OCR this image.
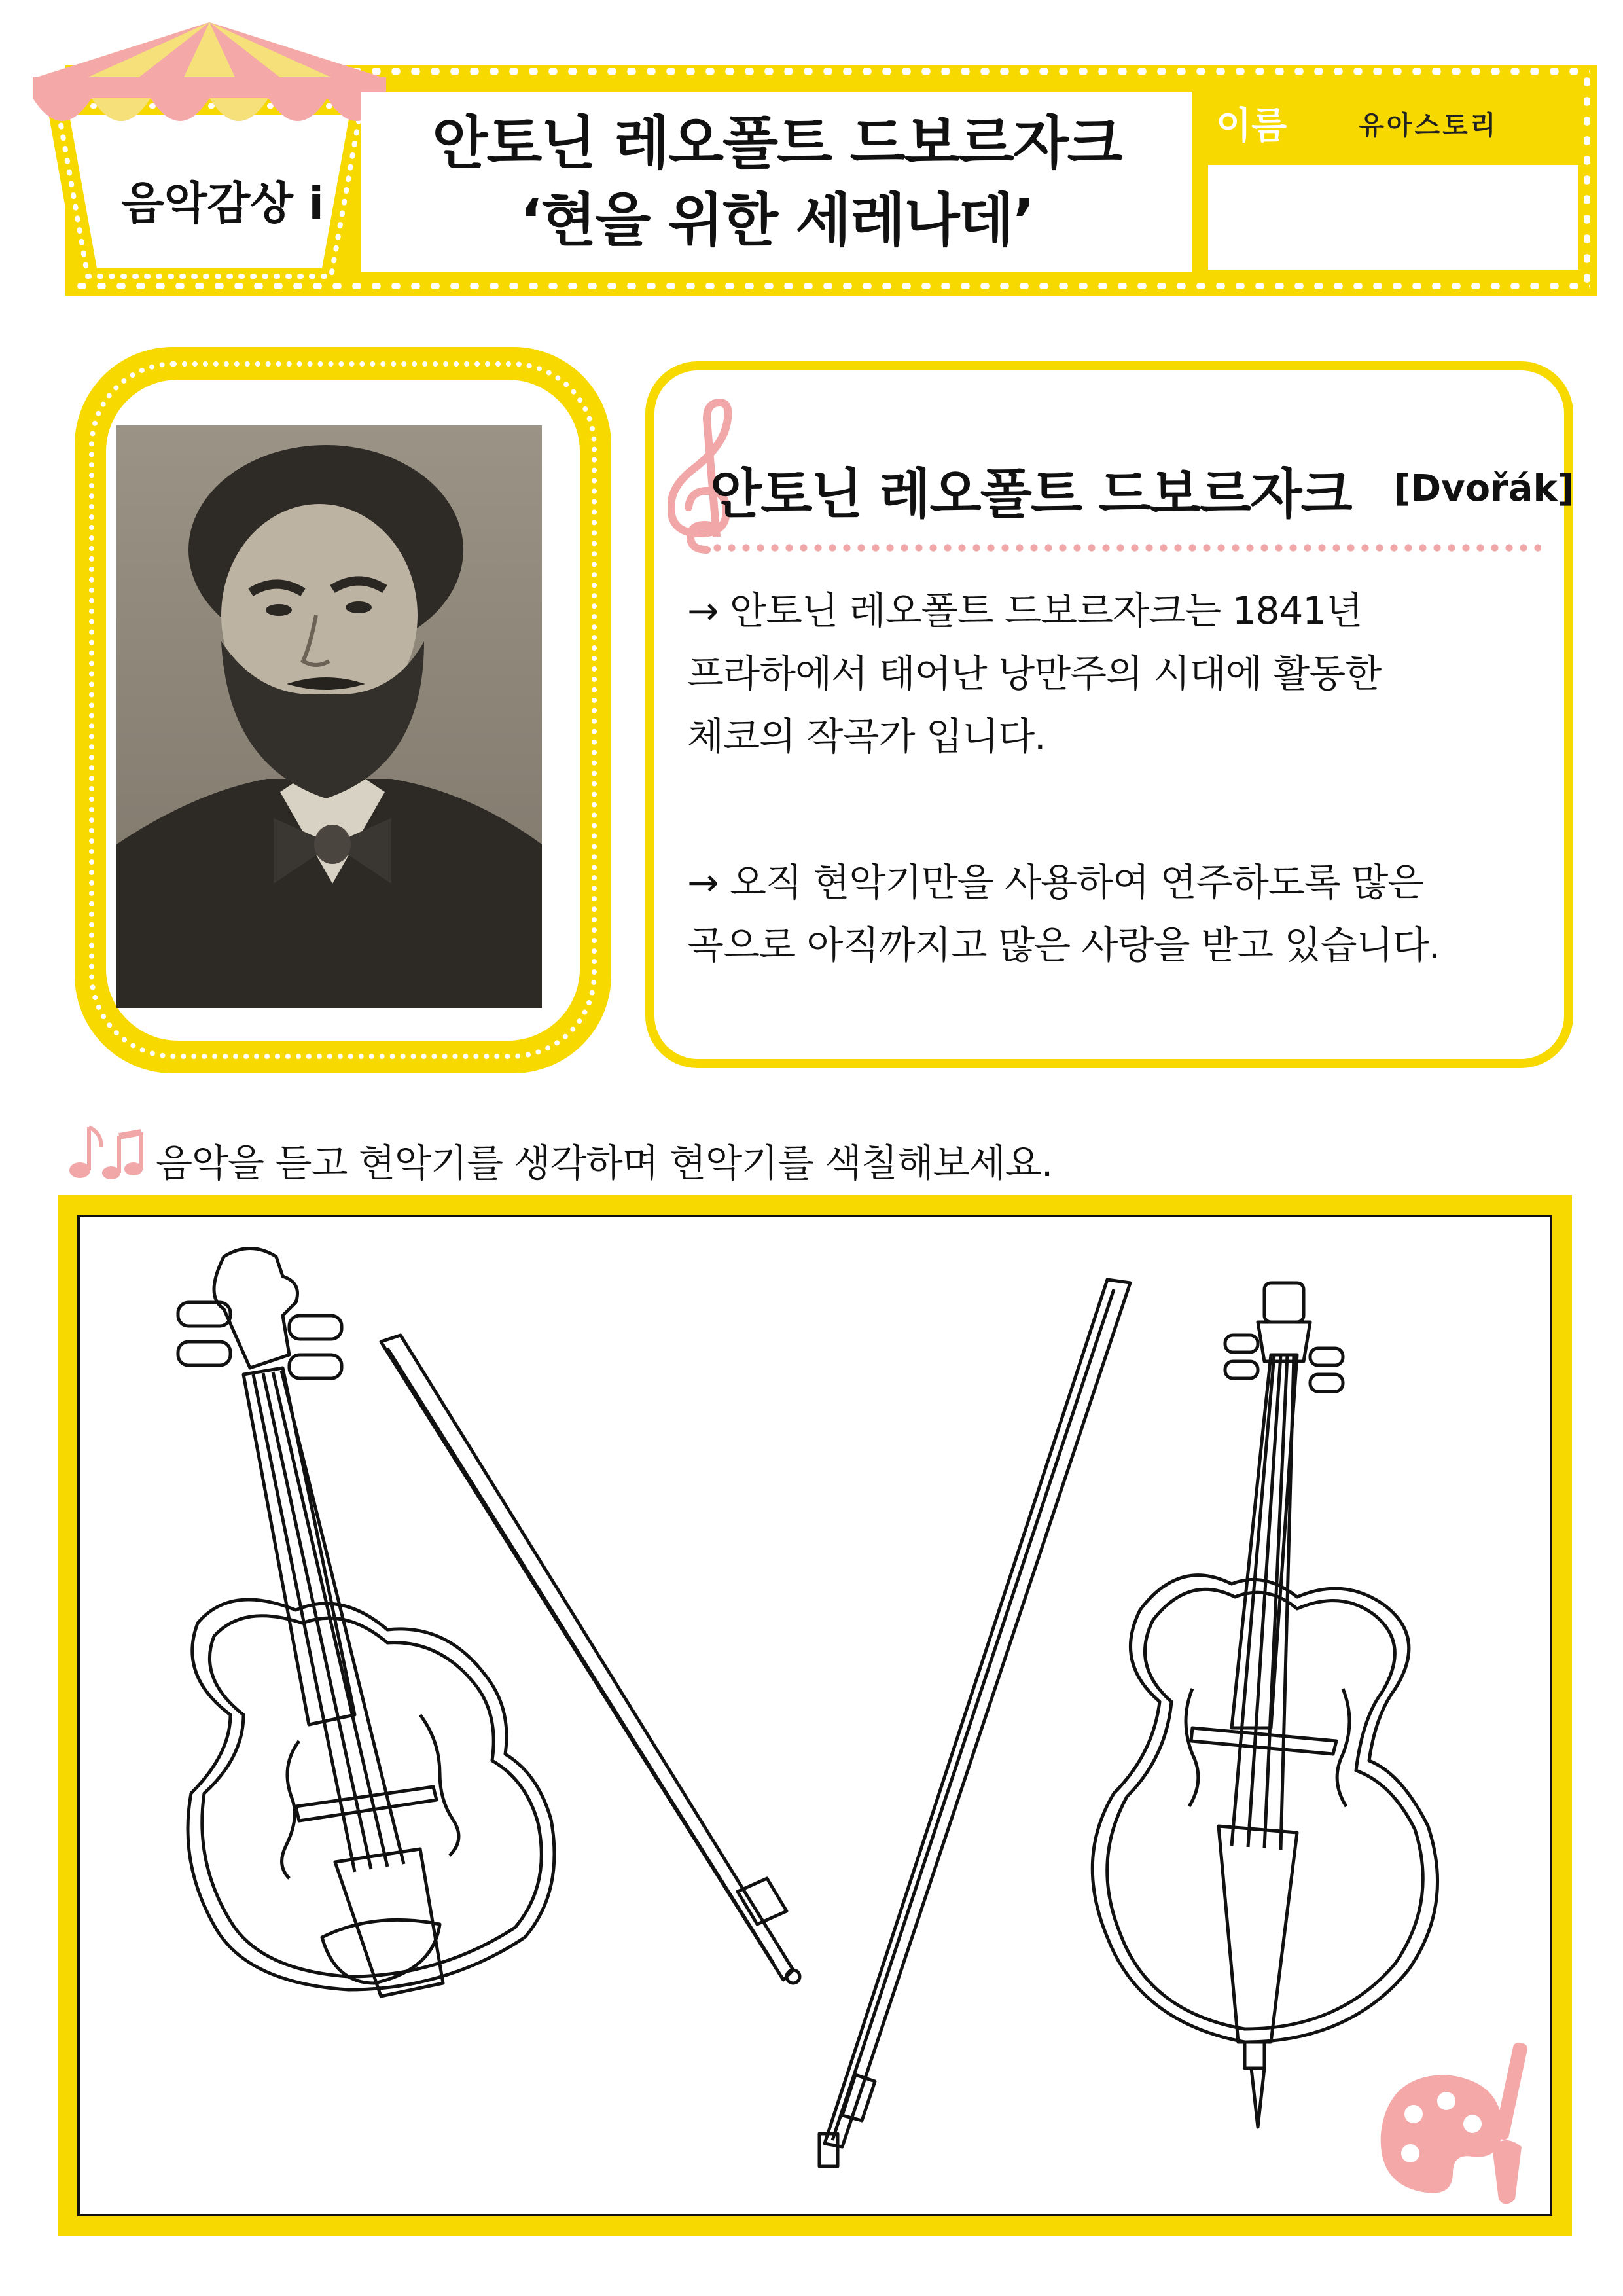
음악감상 i
안토닌 레오폴트 드보르자크
‘현을 위한 세레나데’
이름	유아스토리
안토닌 레오폴트 드보르자크 [Dvořák]
→ 안토닌 레오폴트 드보르자크는 1841년
프라하에서 태어난 낭만주의 시대에 활동한
체코의 작곡가 입니다.
→ 오직 현악기만을 사용하여 연주하도록 많은
곡으로 아직까지고 많은 사랑을 받고 있습니다.
음악을 듣고 현악기를 생각하며 현악기를 색칠해보세요.
